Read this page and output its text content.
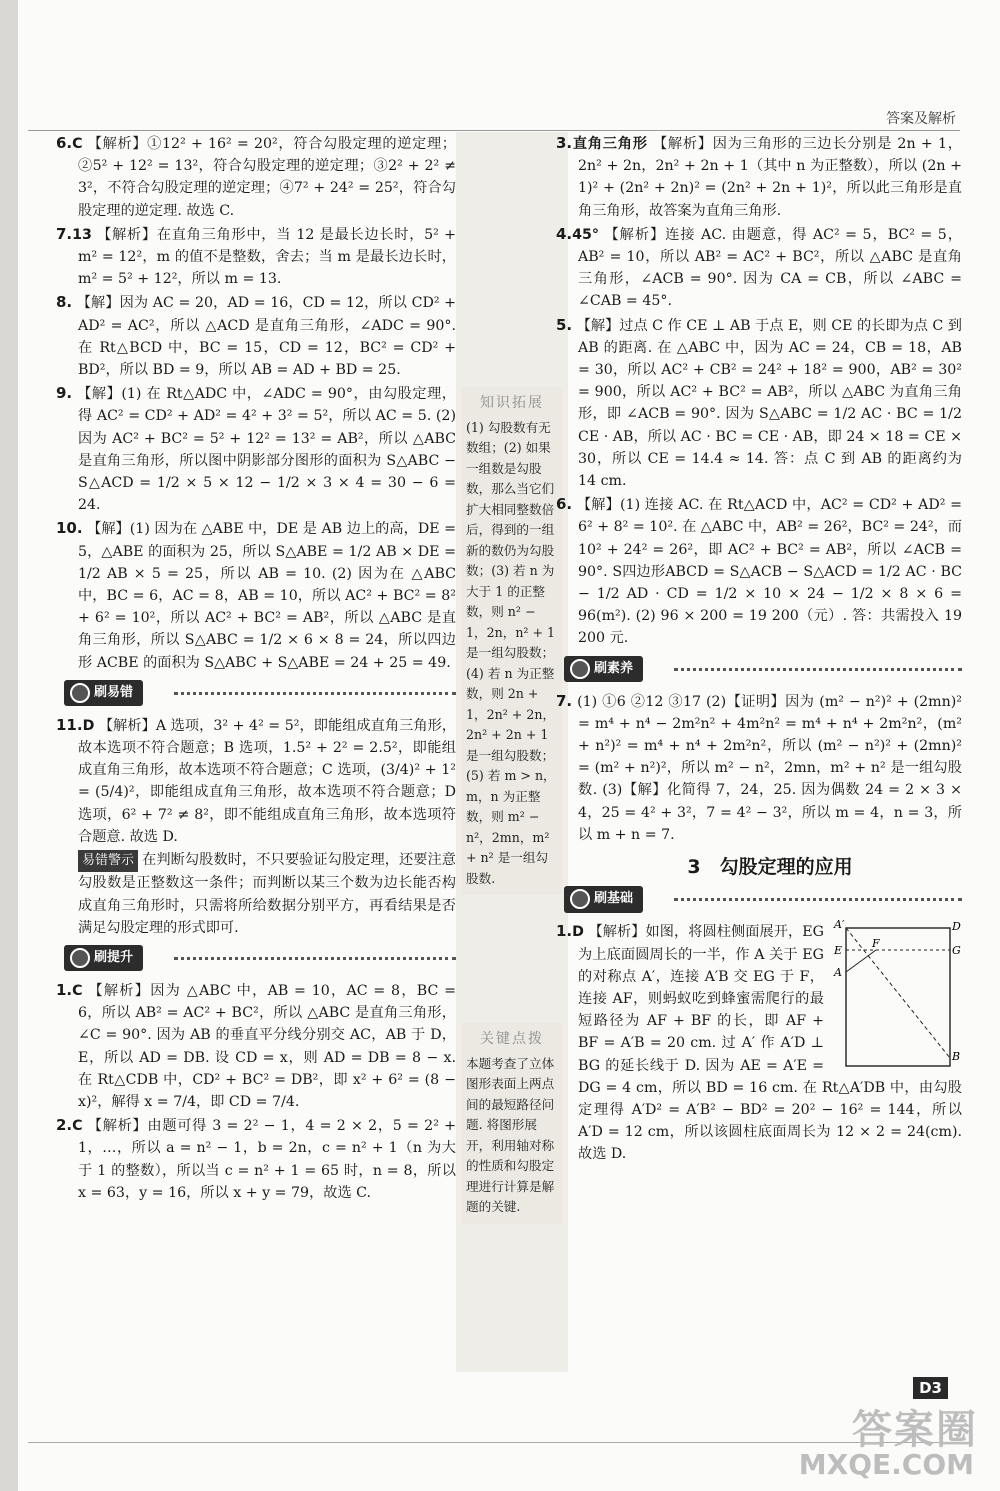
答案及解析
6.C 【解析】①12² + 16² = 20²，符合勾股定理的逆定理；②5² + 12² = 13²，符合勾股定理的逆定理；③2² + 2² ≠ 3²，不符合勾股定理的逆定理；④7² + 24² = 25²，符合勾股定理的逆定理. 故选 C.
7.13 【解析】在直角三角形中，当 12 是最长边长时，5² + m² = 12²，m 的值不是整数，舍去；当 m 是最长边长时，m² = 5² + 12²，所以 m = 13.
8. 【解】因为 AC = 20，AD = 16，CD = 12，所以 CD² + AD² = AC²，所以 △ACD 是直角三角形，∠ADC = 90°. 在 Rt△BCD 中，BC = 15，CD = 12，BC² = CD² + BD²，所以 BD = 9，所以 AB = AD + BD = 25.
9. 【解】(1) 在 Rt△ADC 中，∠ADC = 90°，由勾股定理，得 AC² = CD² + AD² = 4² + 3² = 5²，所以 AC = 5. (2) 因为 AC² + BC² = 5² + 12² = 13² = AB²，所以 △ABC 是直角三角形，所以图中阴影部分图形的面积为 S△ABC − S△ACD = 1/2 × 5 × 12 − 1/2 × 3 × 4 = 30 − 6 = 24.
10. 【解】(1) 因为在 △ABE 中，DE 是 AB 边上的高，DE = 5，△ABE 的面积为 25，所以 S△ABE = 1/2 AB × DE = 1/2 AB × 5 = 25，所以 AB = 10. (2) 因为在 △ABC 中，BC = 6，AC = 8，AB = 10，所以 AC² + BC² = 8² + 6² = 10²，所以 AC² + BC² = AB²，所以 △ABC 是直角三角形，所以 S△ABC = 1/2 × 6 × 8 = 24，所以四边形 ACBE 的面积为 S△ABC + S△ABE = 24 + 25 = 49.
刷易错
11.D 【解析】A 选项，3² + 4² = 5²，即能组成直角三角形，故本选项不符合题意；B 选项，1.5² + 2² = 2.5²，即能组成直角三角形，故本选项不符合题意；C 选项，(3/4)² + 1² = (5/4)²，即能组成直角三角形，故本选项不符合题意；D 选项，6² + 7² ≠ 8²，即不能组成直角三角形，故本选项符合题意. 故选 D.
易错警示 在判断勾股数时，不只要验证勾股定理，还要注意勾股数是正整数这一条件；而判断以某三个数为边长能否构成直角三角形时，只需将所给数据分别平方，再看结果是否满足勾股定理的形式即可.
刷提升
1.C 【解析】因为 △ABC 中，AB = 10，AC = 8，BC = 6，所以 AB² = AC² + BC²，所以 △ABC 是直角三角形，∠C = 90°. 因为 AB 的垂直平分线分别交 AC，AB 于 D，E，所以 AD = DB. 设 CD = x，则 AD = DB = 8 − x. 在 Rt△CDB 中，CD² + BC² = DB²，即 x² + 6² = (8 − x)²，解得 x = 7/4，即 CD = 7/4.
2.C 【解析】由题可得 3 = 2² − 1，4 = 2 × 2，5 = 2² + 1，…，所以 a = n² − 1，b = 2n，c = n² + 1（n 为大于 1 的整数），所以当 c = n² + 1 = 65 时，n = 8，所以 x = 63，y = 16，所以 x + y = 79，故选 C.
知识拓展
(1) 勾股数有无数组；(2) 如果一组数是勾股数，那么当它们扩大相同整数倍后，得到的一组新的数仍为勾股数；(3) 若 n 为大于 1 的正整数，则 n² − 1，2n，n² + 1 是一组勾股数；(4) 若 n 为正整数，则 2n + 1，2n² + 2n，2n² + 2n + 1 是一组勾股数；(5) 若 m > n，m，n 为正整数，则 m² − n²，2mn，m² + n² 是一组勾股数.
关键点拨
本题考查了立体图形表面上两点间的最短路径问题. 将图形展开，利用轴对称的性质和勾股定理进行计算是解题的关键.
3.直角三角形 【解析】因为三角形的三边长分别是 2n + 1，2n² + 2n，2n² + 2n + 1（其中 n 为正整数），所以 (2n + 1)² + (2n² + 2n)² = (2n² + 2n + 1)²，所以此三角形是直角三角形，故答案为直角三角形.
4.45° 【解析】连接 AC. 由题意，得 AC² = 5，BC² = 5，AB² = 10，所以 AB² = AC² + BC²，所以 △ABC 是直角三角形，∠ACB = 90°. 因为 CA = CB，所以 ∠ABC = ∠CAB = 45°.
5. 【解】过点 C 作 CE ⊥ AB 于点 E，则 CE 的长即为点 C 到 AB 的距离. 在 △ABC 中，因为 AC = 24，CB = 18，AB = 30，所以 AC² + CB² = 24² + 18² = 900，AB² = 30² = 900，所以 AC² + BC² = AB²，所以 △ABC 为直角三角形，即 ∠ACB = 90°. 因为 S△ABC = 1/2 AC · BC = 1/2 CE · AB，所以 AC · BC = CE · AB，即 24 × 18 = CE × 30，所以 CE = 14.4 ≈ 14. 答：点 C 到 AB 的距离约为 14 cm.
6. 【解】(1) 连接 AC. 在 Rt△ACD 中，AC² = CD² + AD² = 6² + 8² = 10². 在 △ABC 中，AB² = 26²，BC² = 24²，而 10² + 24² = 26²，即 AC² + BC² = AB²，所以 ∠ACB = 90°. S四边形ABCD = S△ACB − S△ACD = 1/2 AC · BC − 1/2 AD · CD = 1/2 × 10 × 24 − 1/2 × 8 × 6 = 96(m²). (2) 96 × 200 = 19 200（元）. 答：共需投入 19 200 元.
刷素养
7. (1) ①6 ②12 ③17 (2)【证明】因为 (m² − n²)² + (2mn)² = m⁴ + n⁴ − 2m²n² + 4m²n² = m⁴ + n⁴ + 2m²n²，(m² + n²)² = m⁴ + n⁴ + 2m²n²，所以 (m² − n²)² + (2mn)² = (m² + n²)²，所以 m² − n²，2mn，m² + n² 是一组勾股数. (3)【解】化简得 7，24，25. 因为偶数 24 = 2 × 3 × 4，25 = 4² + 3²，7 = 4² − 3²，所以 m = 4，n = 3，所以 m + n = 7.
3　勾股定理的应用
刷基础
A′	D
E
F
G
A
B
1.D 【解析】如图，将圆柱侧面展开，EG 为上底面圆周长的一半，作 A 关于 EG 的对称点 A′，连接 A′B 交 EG 于 F，连接 AF，则蚂蚁吃到蜂蜜需爬行的最短路径为 AF + BF 的长，即 AF + BF = A′B = 20 cm. 过 A′ 作 A′D ⊥ BG 的延长线于 D. 因为 AE = A′E = DG = 4 cm，所以 BD = 16 cm. 在 Rt△A′DB 中，由勾股定理得 A′D² = A′B² − BD² = 20² − 16² = 144，所以 A′D = 12 cm，所以该圆柱底面周长为 12 × 2 = 24(cm). 故选 D.
D3
答案圈
MXQE.COM
